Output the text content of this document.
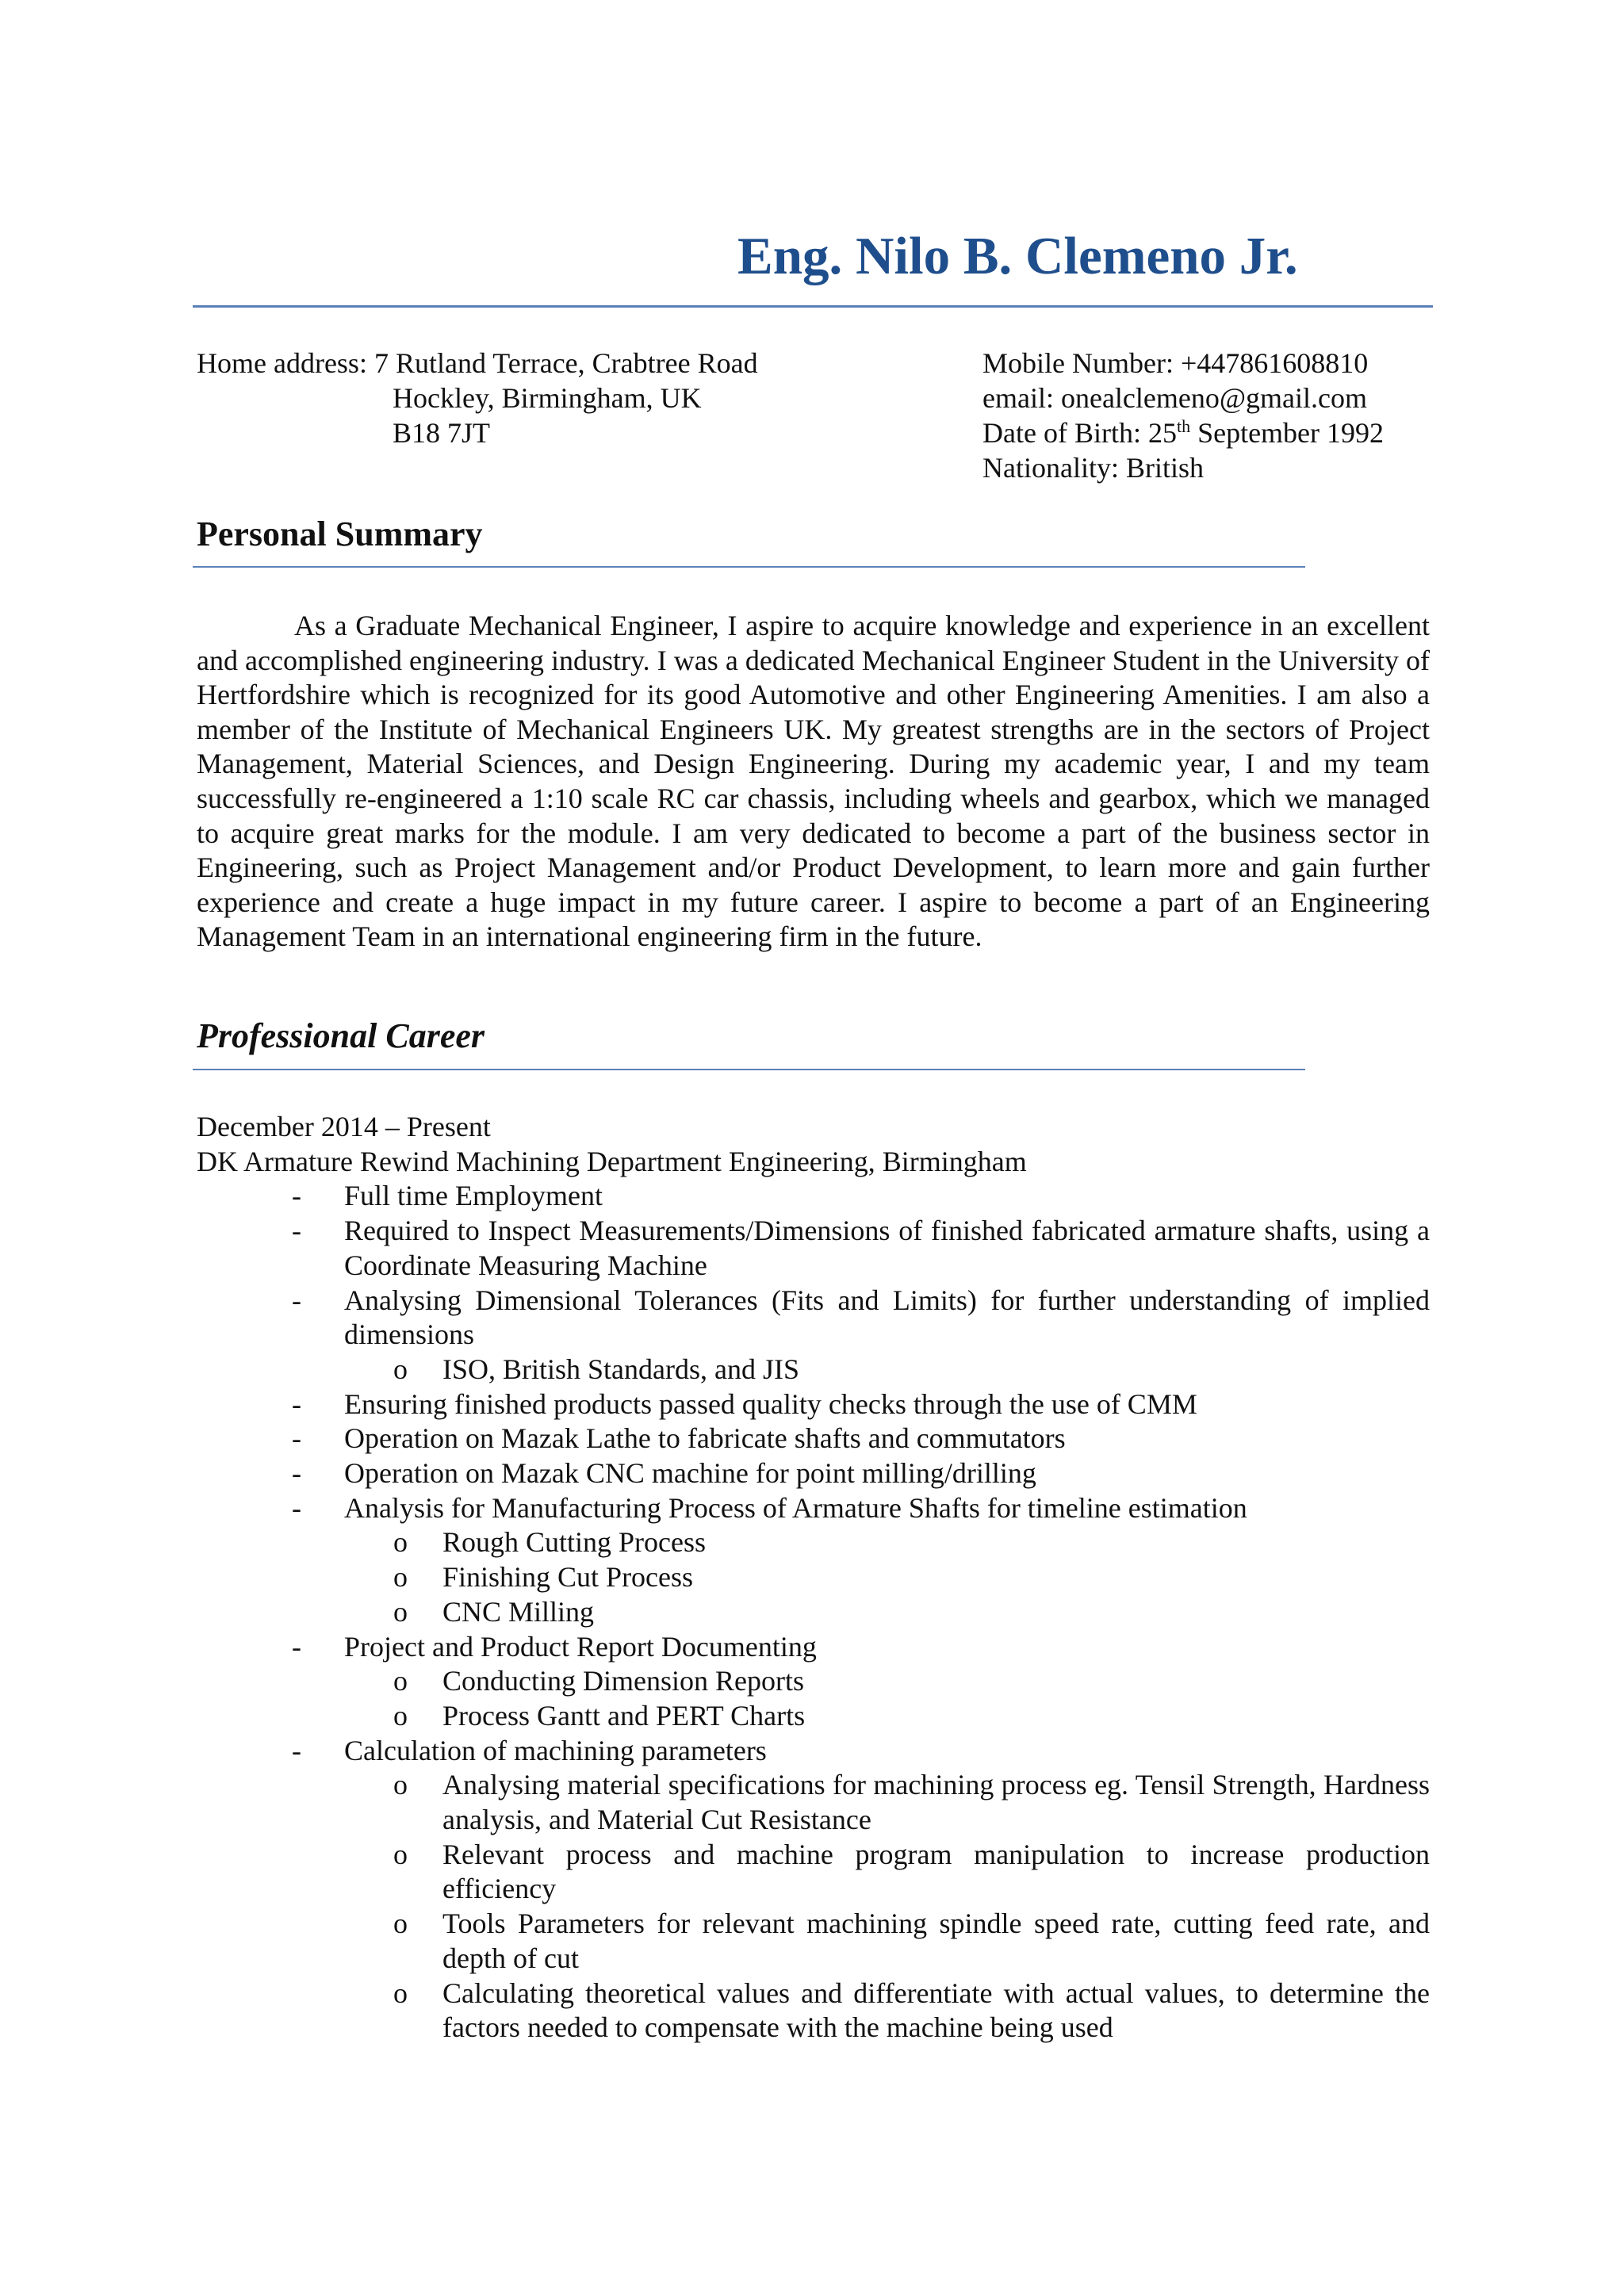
Eng. Nilo B. Clemeno Jr.
Home address: 7 Rutland Terrace, Crabtree Road
Hockley, Birmingham, UK
B18 7JT
Mobile Number: +447861608810
email: onealclemeno@gmail.com
Date of Birth: 25th September 1992
Nationality: British
Personal Summary

As a Graduate Mechanical Engineer, I aspire to acquire knowledge and experience in an excellent and accomplished engineering industry. I was a dedicated Mechanical Engineer Student in the University of Hertfordshire which is recognized for its good Automotive and other Engineering Amenities. I am also a member of the Institute of Mechanical Engineers UK. My greatest strengths are in the sectors of Project Management, Material Sciences, and Design Engineering. During my academic year, I and my team successfully re-engineered a 1:10 scale RC car chassis, including wheels and gearbox, which we managed to acquire great marks for the module. I am very dedicated to become a part of the business sector in Engineering, such as Project Management and/or Product Development, to learn more and gain further experience and create a huge impact in my future career. I aspire to become a part of an Engineering Management Team in an international engineering firm in the future.

Professional Career
December 2014 – Present
DK Armature Rewind Machining Department Engineering, Birmingham
- Full time Employment
- Required to Inspect Measurements/Dimensions of finished fabricated armature shafts, using a Coordinate Measuring Machine
- Analysing Dimensional Tolerances (Fits and Limits) for further understanding of implied dimensions
o ISO, British Standards, and JIS
- Ensuring finished products passed quality checks through the use of CMM
- Operation on Mazak Lathe to fabricate shafts and commutators
- Operation on Mazak CNC machine for point milling/drilling
- Analysis for Manufacturing Process of Armature Shafts for timeline estimation
o Rough Cutting Process
o Finishing Cut Process
o CNC Milling
- Project and Product Report Documenting
o Conducting Dimension Reports
o Process Gantt and PERT Charts
- Calculation of machining parameters
o Analysing material specifications for machining process eg. Tensil Strength, Hardness analysis, and Material Cut Resistance
o Relevant process and machine program manipulation to increase production efficiency
o Tools Parameters for relevant machining spindle speed rate, cutting feed rate, and depth of cut
o Calculating theoretical values and differentiate with actual values, to determine the factors needed to compensate with the machine being used
